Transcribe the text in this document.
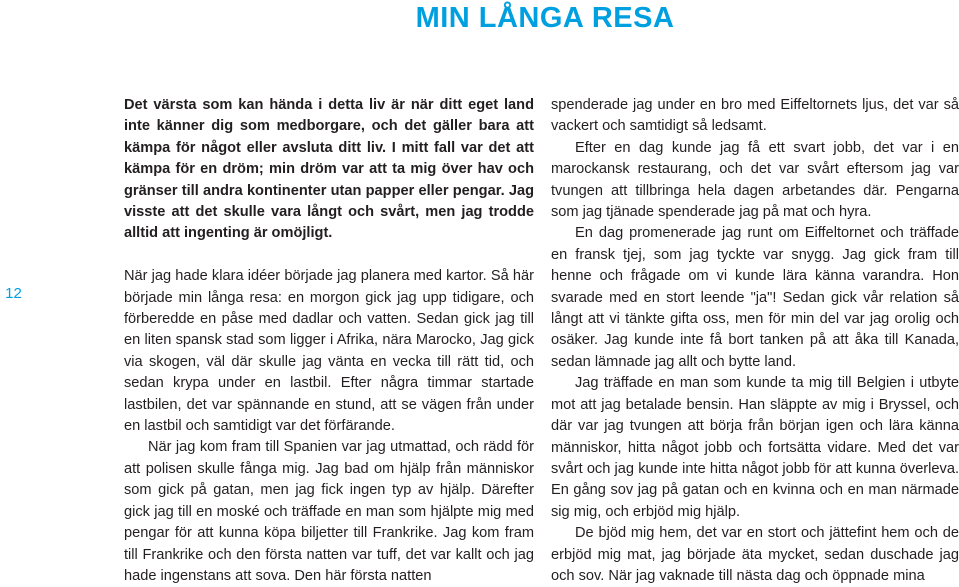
MIN LÅNGA RESA
12

Det värsta som kan hända i detta liv är när ditt eget land inte känner dig som medborgare, och det gäller bara att kämpa för något eller avsluta ditt liv. I mitt fall var det att kämpa för en dröm; min dröm var att ta mig över hav och gränser till andra kontinenter utan papper eller pengar. Jag visste att det skulle vara långt och svårt, men jag trodde alltid att ingenting är omöjligt.

När jag hade klara idéer började jag planera med kartor. Så här började min långa resa: en morgon gick jag upp tidigare, och förberedde en påse med dadlar och vatten. Sedan gick jag till en liten spansk stad som ligger i Afrika, nära Marocko, Jag gick via skogen, väl där skulle jag vänta en vecka till rätt tid, och sedan krypa under en lastbil. Efter några timmar startade lastbilen, det var spännande en stund, att se vägen från under en lastbil och samtidigt var det förfärande.

När jag kom fram till Spanien var jag utmattad, och rädd för att polisen skulle fånga mig. Jag bad om hjälp från människor som gick på gatan, men jag fick ingen typ av hjälp. Därefter gick jag till en moské och träffade en man som hjälpte mig med pengar för att kunna köpa biljetter till Frankrike. Jag kom fram till Frankrike och den första natten var tuff, det var kallt och jag hade ingenstans att sova. Den här första natten

spenderade jag under en bro med Eiffeltornets ljus, det var så vackert och samtidigt så ledsamt.

Efter en dag kunde jag få ett svart jobb, det var i en marockansk restaurang, och det var svårt eftersom jag var tvungen att tillbringa hela dagen arbetandes där. Pengarna som jag tjänade spenderade jag på mat och hyra.

En dag promenerade jag runt om Eiffeltornet och träffade en fransk tjej, som jag tyckte var snygg. Jag gick fram till henne och frågade om vi kunde lära känna varandra. Hon svarade med en stort leende "ja"! Sedan gick vår relation så långt att vi tänkte gifta oss, men för min del var jag orolig och osäker. Jag kunde inte få bort tanken på att åka till Kanada, sedan lämnade jag allt och bytte land.

Jag träffade en man som kunde ta mig till Belgien i utbyte mot att jag betalade bensin. Han släppte av mig i Bryssel, och där var jag tvungen att börja från början igen och lära känna människor, hitta något jobb och fortsätta vidare. Med det var svårt och jag kunde inte hitta något jobb för att kunna överleva. En gång sov jag på gatan och en kvinna och en man närmade sig mig, och erbjöd mig hjälp.

De bjöd mig hem, det var en stort och jättefint hem och de erbjöd mig mat, jag började äta mycket, sedan duschade jag och sov. När jag vaknade till nästa dag och öppnade mina
